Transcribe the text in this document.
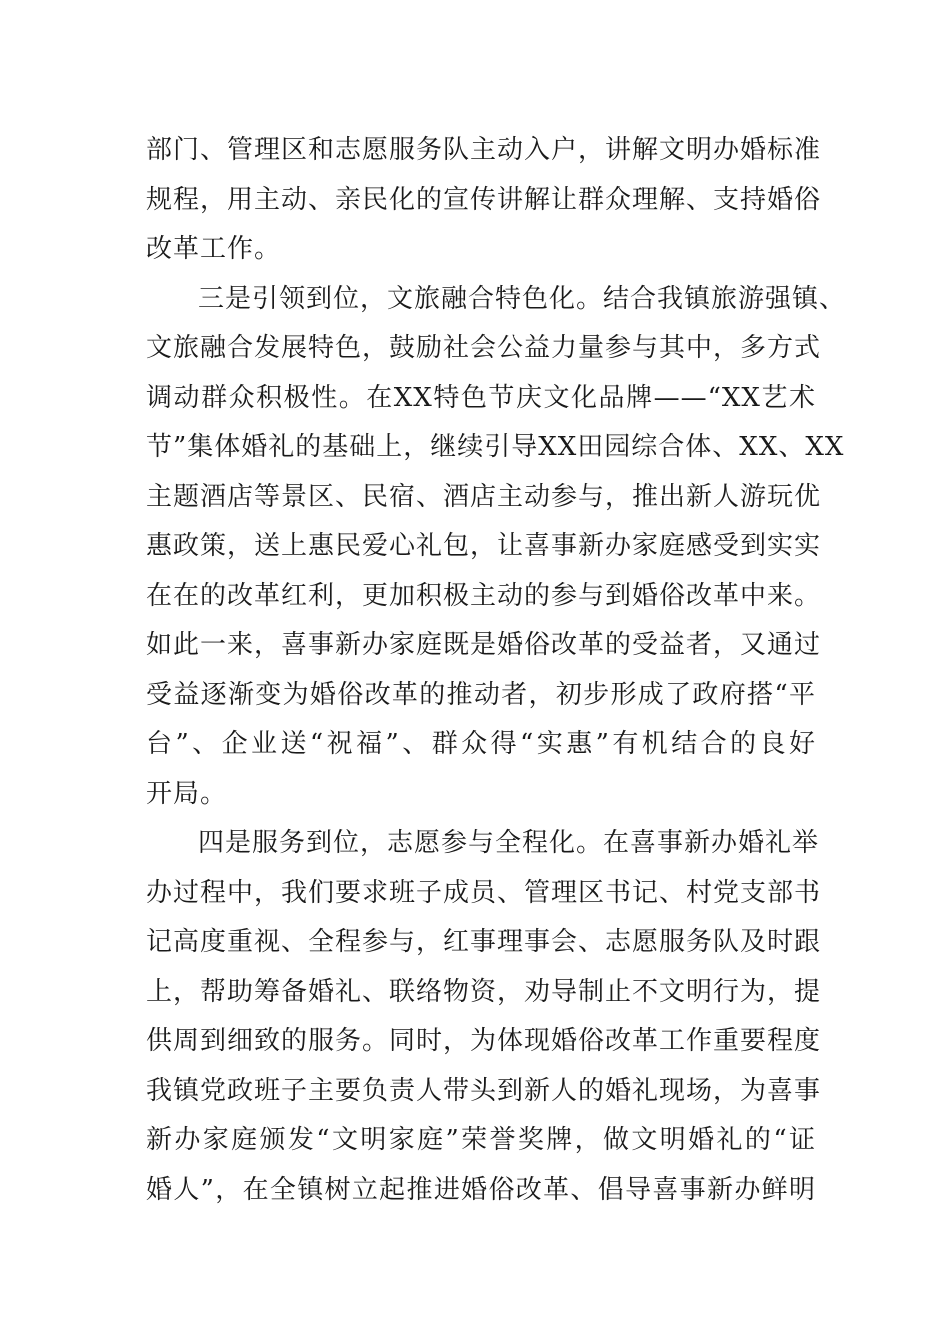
部门、管理区和志愿服务队主动入户，讲解文明办婚标准
规程，用主动、亲民化的宣传讲解让群众理解、支持婚俗
改革工作。
三是引领到位，文旅融合特色化。结合我镇旅游强镇、
文旅融合发展特色，鼓励社会公益力量参与其中，多方式
调动群众积极性。在XX特色节庆文化品牌——“XX艺术
节”集体婚礼的基础上，继续引导XX田园综合体、XX、XX
主题酒店等景区、民宿、酒店主动参与，推出新人游玩优
惠政策，送上惠民爱心礼包，让喜事新办家庭感受到实实
在在的改革红利，更加积极主动的参与到婚俗改革中来。
如此一来，喜事新办家庭既是婚俗改革的受益者，又通过
受益逐渐变为婚俗改革的推动者，初步形成了政府搭“平
台”、企业送“祝福”、群众得“实惠”有机结合的良好
开局。
四是服务到位，志愿参与全程化。在喜事新办婚礼举
办过程中，我们要求班子成员、管理区书记、村党支部书
记高度重视、全程参与，红事理事会、志愿服务队及时跟
上，帮助筹备婚礼、联络物资，劝导制止不文明行为，提
供周到细致的服务。同时，为体现婚俗改革工作重要程度
我镇党政班子主要负责人带头到新人的婚礼现场，为喜事
新办家庭颁发“文明家庭”荣誉奖牌，做文明婚礼的“证
婚人”，在全镇树立起推进婚俗改革、倡导喜事新办鲜明
